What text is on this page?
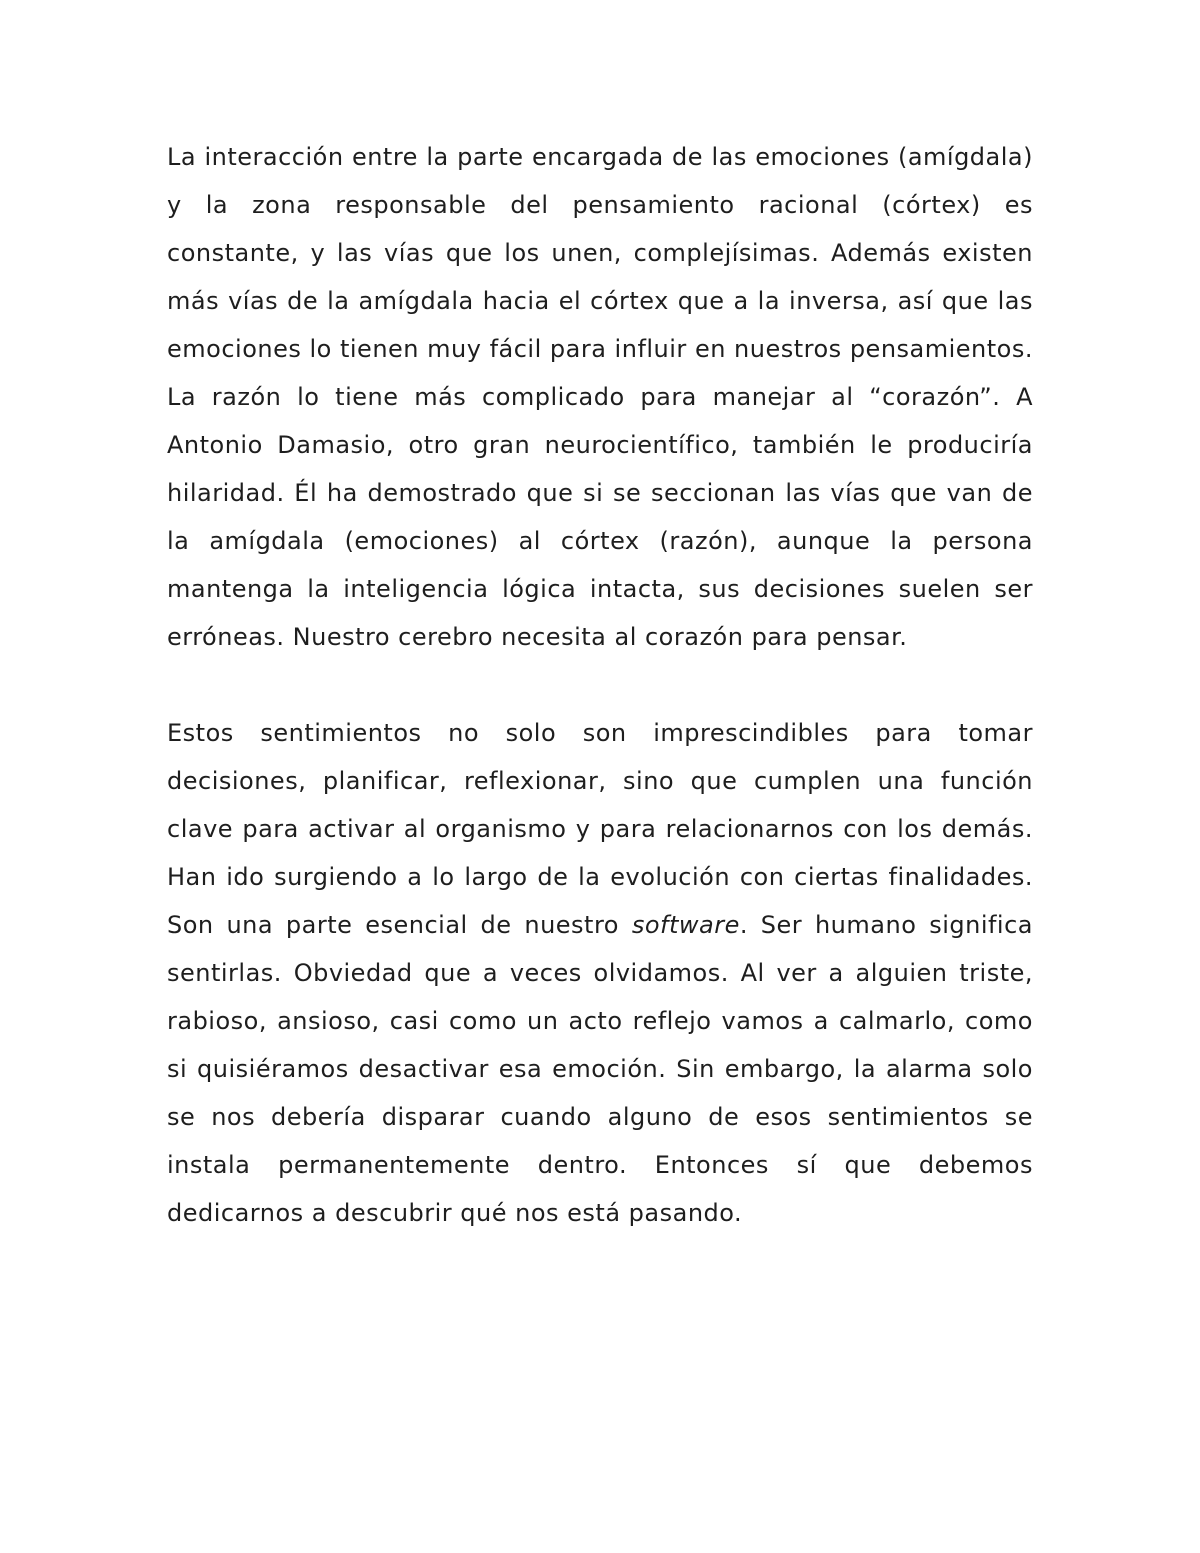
La interacción entre la parte encargada de las emociones (amígdala) y la zona responsable del pensamiento racional (córtex) es constante, y las vías que los unen, complejísimas. Además existen más vías de la amígdala hacia el córtex que a la inversa, así que las emociones lo tienen muy fácil para influir en nuestros pensamientos. La razón lo tiene más complicado para manejar al “corazón”. A Antonio Damasio, otro gran neurocientífico, también le produciría hilaridad. Él ha demostrado que si se seccionan las vías que van de la amígdala (emociones) al córtex (razón), aunque la persona mantenga la inteligencia lógica intacta, sus decisiones suelen ser erróneas. Nuestro cerebro necesita al corazón para pensar.

Estos sentimientos no solo son imprescindibles para tomar decisiones, planificar, reflexionar, sino que cumplen una función clave para activar al organismo y para relacionarnos con los demás. Han ido surgiendo a lo largo de la evolución con ciertas finalidades. Son una parte esencial de nuestro software. Ser humano significa sentirlas. Obviedad que a veces olvidamos. Al ver a alguien triste, rabioso, ansioso, casi como un acto reflejo vamos a calmarlo, como si quisiéramos desactivar esa emoción. Sin embargo, la alarma solo se nos debería disparar cuando alguno de esos sentimientos se instala permanentemente dentro. Entonces sí que debemos dedicarnos a descubrir qué nos está pasando.
